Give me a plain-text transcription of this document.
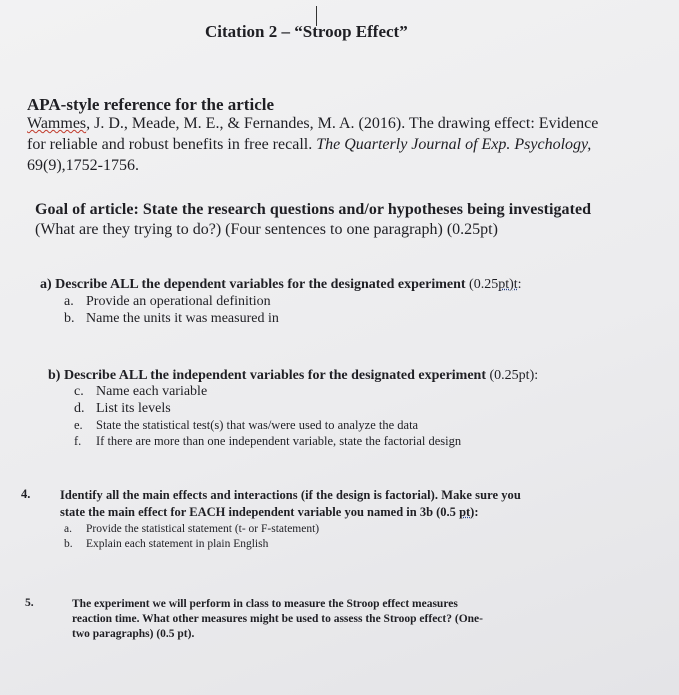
Citation 2 – “Stroop Effect”
APA-style reference for the article
Wammes, J. D., Meade, M. E., & Fernandes, M. A. (2016). The drawing effect: Evidence
for reliable and robust benefits in free recall. The Quarterly Journal of Exp. Psychology,
69(9),1752-1756.
Goal of article: State the research questions and/or hypotheses being investigated
(What are they trying to do?) (Four sentences to one paragraph) (0.25pt)
a) Describe ALL the dependent variables for the designated experiment (0.25pt)t:
a. Provide an operational definition
b. Name the units it was measured in
b) Describe ALL the independent variables for the designated experiment (0.25pt):
c. Name each variable
d. List its levels
e. State the statistical test(s) that was/were used to analyze the data
f. If there are more than one independent variable, state the factorial design
4. Identify all the main effects and interactions (if the design is factorial). Make sure you
state the main effect for EACH independent variable you named in 3b (0.5 pt):
a. Provide the statistical statement (t- or F-statement)
b. Explain each statement in plain English
5.	The experiment we will perform in class to measure the Stroop effect measures
reaction time. What other measures might be used to assess the Stroop effect? (One-
two paragraphs) (0.5 pt).
